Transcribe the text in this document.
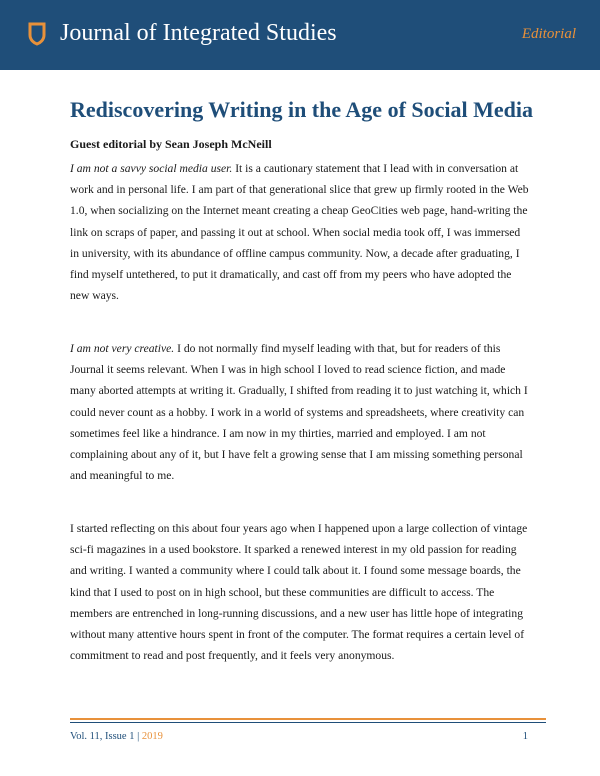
Journal of Integrated Studies	Editorial
Rediscovering Writing in the Age of Social Media
Guest editorial by Sean Joseph McNeill

I am not a savvy social media user. It is a cautionary statement that I lead with in conversation at work and in personal life. I am part of that generational slice that grew up firmly rooted in the Web 1.0, when socializing on the Internet meant creating a cheap GeoCities web page, hand-writing the link on scraps of paper, and passing it out at school. When social media took off, I was immersed in university, with its abundance of offline campus community. Now, a decade after graduating, I find myself untethered, to put it dramatically, and cast off from my peers who have adopted the new ways.

I am not very creative. I do not normally find myself leading with that, but for readers of this Journal it seems relevant. When I was in high school I loved to read science fiction, and made many aborted attempts at writing it. Gradually, I shifted from reading it to just watching it, which I could never count as a hobby. I work in a world of systems and spreadsheets, where creativity can sometimes feel like a hindrance. I am now in my thirties, married and employed. I am not complaining about any of it, but I have felt a growing sense that I am missing something personal and meaningful to me.

I started reflecting on this about four years ago when I happened upon a large collection of vintage sci-fi magazines in a used bookstore. It sparked a renewed interest in my old passion for reading and writing. I wanted a community where I could talk about it. I found some message boards, the kind that I used to post on in high school, but these communities are difficult to access. The members are entrenched in long-running discussions, and a new user has little hope of integrating without many attentive hours spent in front of the computer. The format requires a certain level of commitment to read and post frequently, and it feels very anonymous.

Vol. 11, Issue 1 | 2019	1
